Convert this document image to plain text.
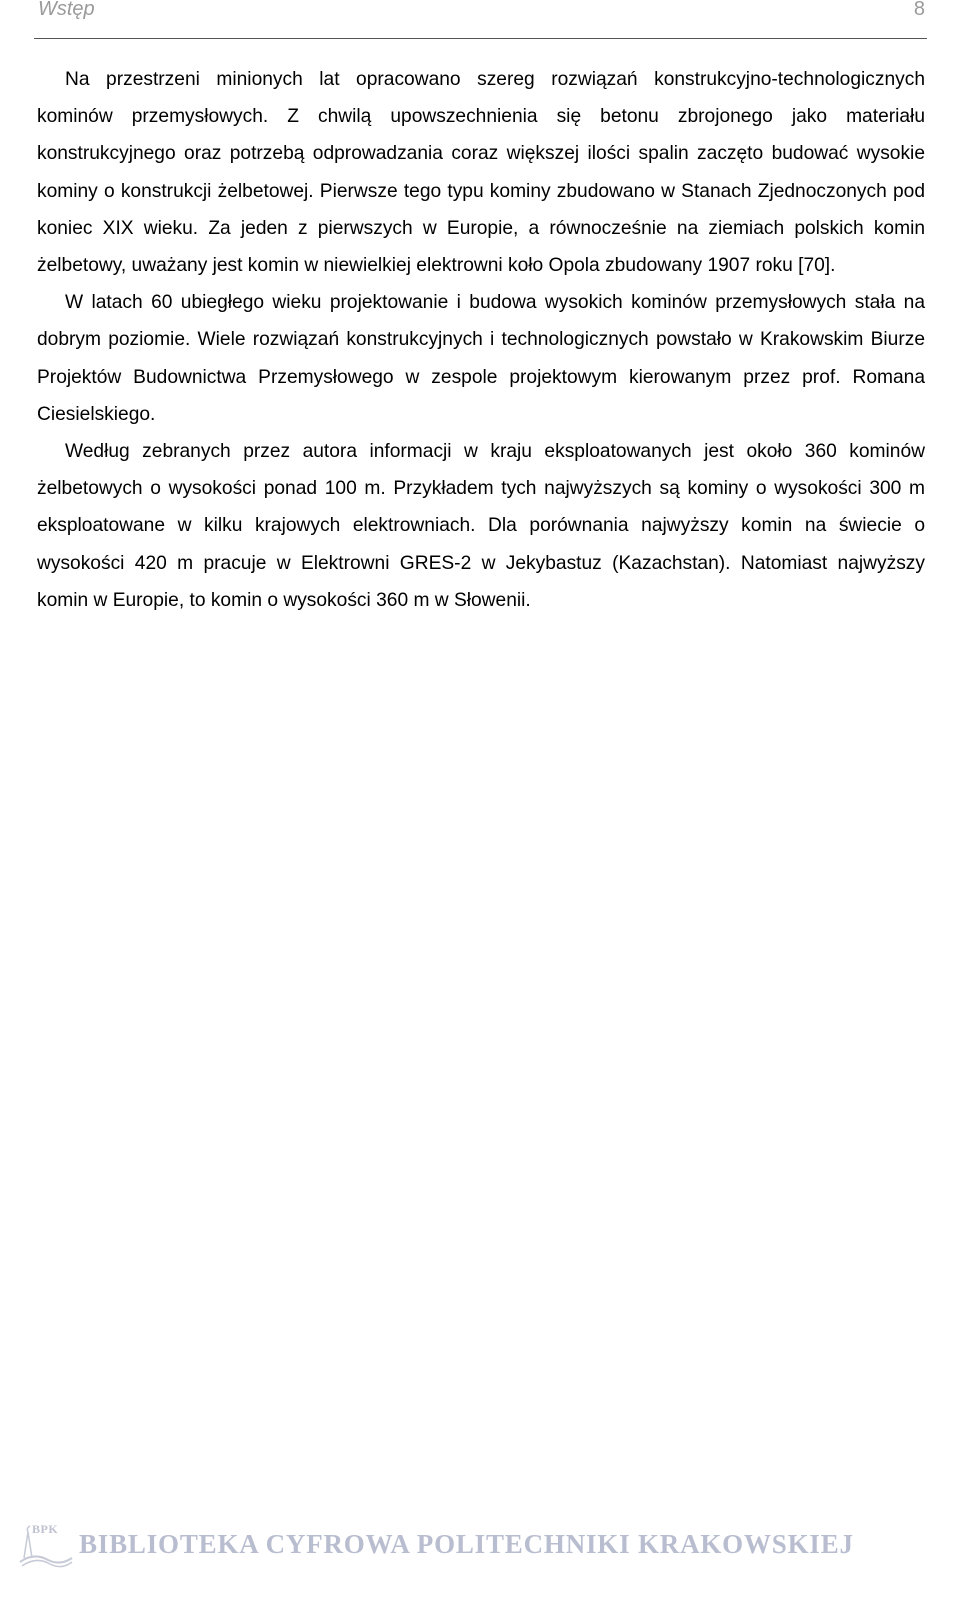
Wstęp	8

Na przestrzeni minionych lat opracowano szereg rozwiązań konstrukcyjno-technologicznych kominów przemysłowych. Z chwilą upowszechnienia się betonu zbrojonego jako materiału konstrukcyjnego oraz potrzebą odprowadzania coraz większej ilości spalin zaczęto budować wysokie kominy o konstrukcji żelbetowej. Pierwsze tego typu kominy zbudowano w Stanach Zjednoczonych pod koniec XIX wieku. Za jeden z pierwszych w Europie, a równocześnie na ziemiach polskich komin żelbetowy, uważany jest komin w niewielkiej elektrowni koło Opola zbudowany 1907 roku [70].

W latach 60 ubiegłego wieku projektowanie i budowa wysokich kominów przemysłowych stała na dobrym poziomie. Wiele rozwiązań konstrukcyjnych i technologicznych powstało w Krakowskim Biurze Projektów Budownictwa Przemysłowego w zespole projektowym kierowanym przez prof. Romana Ciesielskiego.

Według zebranych przez autora informacji w kraju eksploatowanych jest około 360 kominów żelbetowych o wysokości ponad 100 m. Przykładem tych najwyższych są kominy o wysokości 300 m eksploatowane w kilku krajowych elektrowniach. Dla porównania najwyższy komin na świecie o wysokości 420 m pracuje w Elektrowni GRES-2 w Jekybastuz (Kazachstan). Natomiast najwyższy komin w Europie, to komin o wysokości 360 m w Słowenii.

BPK BIBLIOTEKA CYFROWA POLITECHNIKI KRAKOWSKIEJ
